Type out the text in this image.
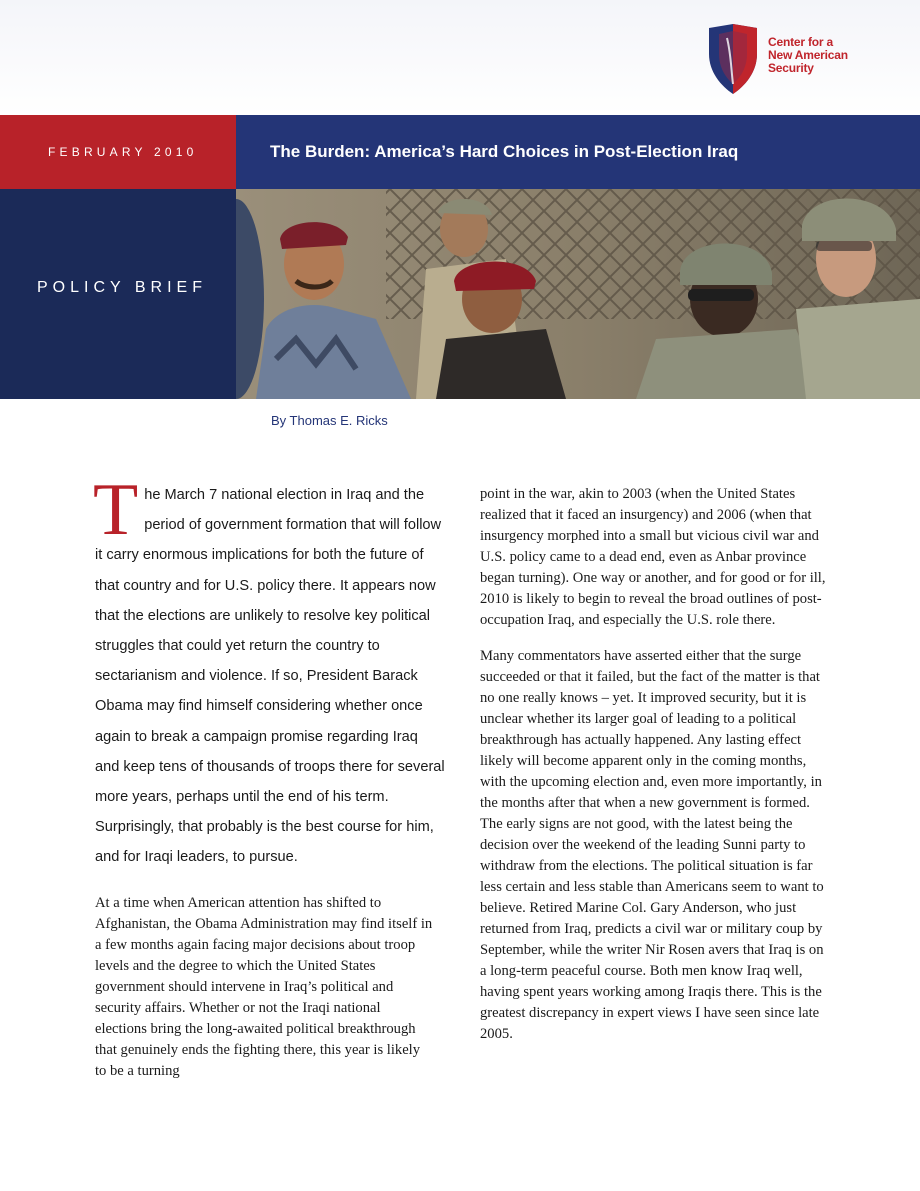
Center for a
New American
Security
FEBRUARY 2010	The Burden: America’s Hard Choices in Post-Election Iraq
POLICY BRIEF
By Thomas E. Ricks

The March 7 national election in Iraq and the period of government formation that will follow it carry enormous implications for both the future of that country and for U.S. policy there. It appears now that the elections are unlikely to resolve key political struggles that could yet return the country to sectarianism and violence. If so, President Barack Obama may find himself considering whether once again to break a campaign promise regarding Iraq and keep tens of thousands of troops there for several more years, perhaps until the end of his term. Surprisingly, that probably is the best course for him, and for Iraqi leaders, to pursue.

At a time when American attention has shifted to Afghanistan, the Obama Administration may find itself in a few months again facing major decisions about troop levels and the degree to which the United States government should intervene in Iraq’s political and security affairs. Whether or not the Iraqi national elections bring the long-awaited political breakthrough that genuinely ends the fighting there, this year is likely to be a turning

point in the war, akin to 2003 (when the United States realized that it faced an insurgency) and 2006 (when that insurgency morphed into a small but vicious civil war and U.S. policy came to a dead end, even as Anbar province began turning). One way or another, and for good or for ill, 2010 is likely to begin to reveal the broad outlines of post-occupation Iraq, and especially the U.S. role there.

Many commentators have asserted either that the surge succeeded or that it failed, but the fact of the matter is that no one really knows – yet. It improved security, but it is unclear whether its larger goal of leading to a political breakthrough has actually happened. Any lasting effect likely will become apparent only in the coming months, with the upcoming election and, even more importantly, in the months after that when a new government is formed. The early signs are not good, with the latest being the decision over the weekend of the leading Sunni party to withdraw from the elections. The political situation is far less certain and less stable than Americans seem to want to believe. Retired Marine Col. Gary Anderson, who just returned from Iraq, predicts a civil war or military coup by September, while the writer Nir Rosen avers that Iraq is on a long-term peaceful course. Both men know Iraq well, having spent years working among Iraqis there. This is the greatest discrepancy in expert views I have seen since late 2005.
